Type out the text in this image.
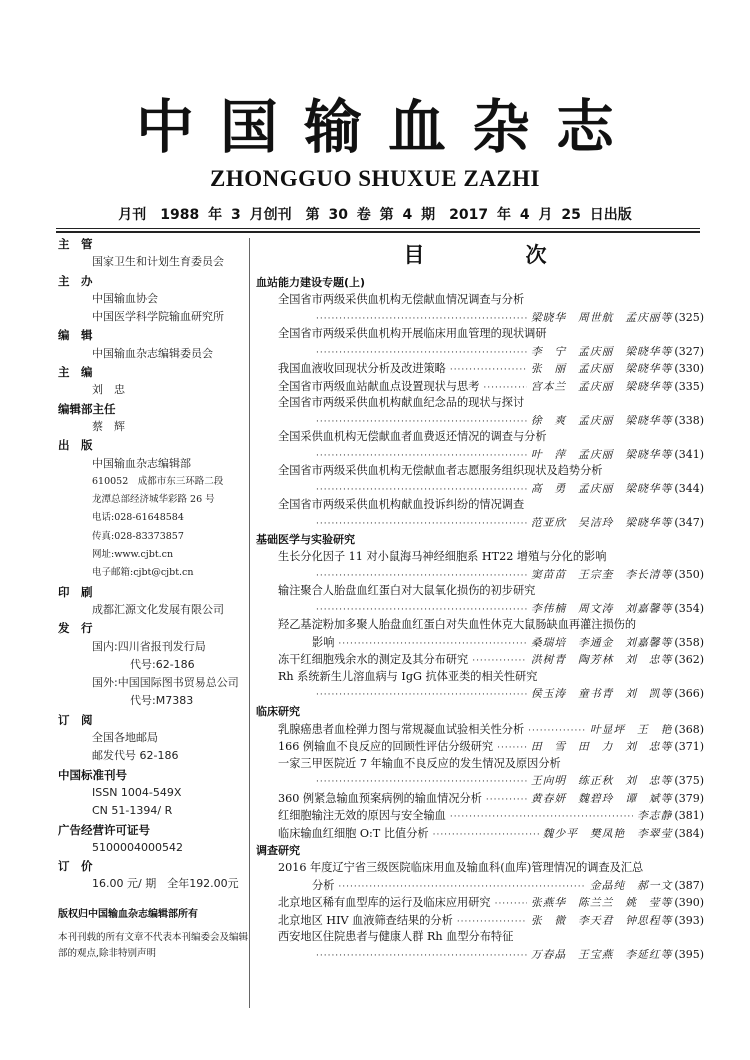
中国输血杂志
ZHONGGUO SHUXUE ZAZHI
月刊　1988 年 3 月创刊　第 30 卷 第 4 期　2017 年 4 月 25 日出版
主　管
国家卫生和计划生育委员会
主　办
中国输血协会
中国医学科学院输血研究所
编　辑
中国输血杂志编辑委员会
主　编
刘　忠
编辑部主任
蔡　辉
出　版
中国输血杂志编辑部
610052　成都市东三环路二段
龙潭总部经济城华彩路 26 号
电话:028-61648584
传真:028-83373857
网址:www.cjbt.cn
电子邮箱:cjbt@cjbt.cn
印　刷
成都汇源文化发展有限公司
发　行
国内:四川省报刊发行局
代号:62-186
国外:中国国际图书贸易总公司
代号:M7383
订　阅
全国各地邮局
邮发代号 62-186
中国标准刊号
ISSN 1004-549X
CN 51-1394/ R
广告经营许可证号
5100004000542
订　价
16.00 元/ 期　全年192.00元
版权归中国输血杂志编辑部所有
本刊刊载的所有文章不代表本刊编委会及编辑部的观点,除非特别声明
目　次
血站能力建设专题(上)
全国省市两级采供血机构无偿献血情况调查与分析
·····
梁晓华　周世航　孟庆丽等 (325)
全国省市两级采供血机构开展临床用血管理的现状调研
·····
李　宁　孟庆丽　梁晓华等 (327)
我国血液收回现状分析及改进策略 ·····	张　丽　孟庆丽　梁晓华等 (330)
全国省市两级血站献血点设置现状与思考 ·····	宫本兰　孟庆丽　梁晓华等 (335)
全国省市两级采供血机构献血纪念品的现状与探讨
·····
徐　爽　孟庆丽　梁晓华等 (338)
全国采供血机构无偿献血者血费返还情况的调查与分析
·····
叶　萍　孟庆丽　梁晓华等 (341)
全国省市两级采供血机构无偿献血者志愿服务组织现状及趋势分析
·····
高　勇　孟庆丽　梁晓华等 (344)
全国省市两级采供血机构献血投诉纠纷的情况调查
·····
范亚欣　吴洁玲　梁晓华等 (347)
基础医学与实验研究
生长分化因子 11 对小鼠海马神经细胞系 HT22 增殖与分化的影响
·····
窦苗苗　王宗奎　李长清等 (350)
输注聚合人胎盘血红蛋白对大鼠氧化损伤的初步研究
·····
李伟楠　周文涛　刘嘉馨等 (354)
羟乙基淀粉加多聚人胎盘血红蛋白对失血性休克大鼠肠缺血再灌注损伤的
影响 ·····	桑瑞培　李通金　刘嘉馨等 (358)
冻干红细胞残余水的测定及其分布研究 ·····	洪树青　陶芳林　刘　忠等 (362)
Rh 系统新生儿溶血病与 IgG 抗体亚类的相关性研究
·····
侯玉涛　童书青　刘　凯等 (366)
临床研究
乳腺癌患者血栓弹力图与常规凝血试验相关性分析 ·····	叶显坪　王　艳 (368)
166 例输血不良反应的回顾性评估分级研究 ·····	田　雪　田　力　刘　忠等 (371)
一家三甲医院近 7 年输血不良反应的发生情况及原因分析
·····
王向明　练正秋　刘　忠等 (375)
360 例紧急输血预案病例的输血情况分析 ·····	黄春妍　魏碧玲　谭　斌等 (379)
红细胞输注无效的原因与安全输血 ·····	李志静 (381)
临床输血红细胞 O:T 比值分析 ·····	魏少平　樊凤艳　李翠莹 (384)
调查研究
2016 年度辽宁省三级医院临床用血及输血科(血库)管理情况的调查及汇总
分析 ·····	金晶纯　郝一文 (387)
北京地区稀有血型库的运行及临床应用研究 ·····	张燕华　陈兰兰　姚　莹等 (390)
北京地区 HIV 血液筛查结果的分析 ·····	张　微　李天君　钟思程等 (393)
西安地区住院患者与健康人群 Rh 血型分布特征
·····
万春晶　王宝燕　李延红等 (395)
